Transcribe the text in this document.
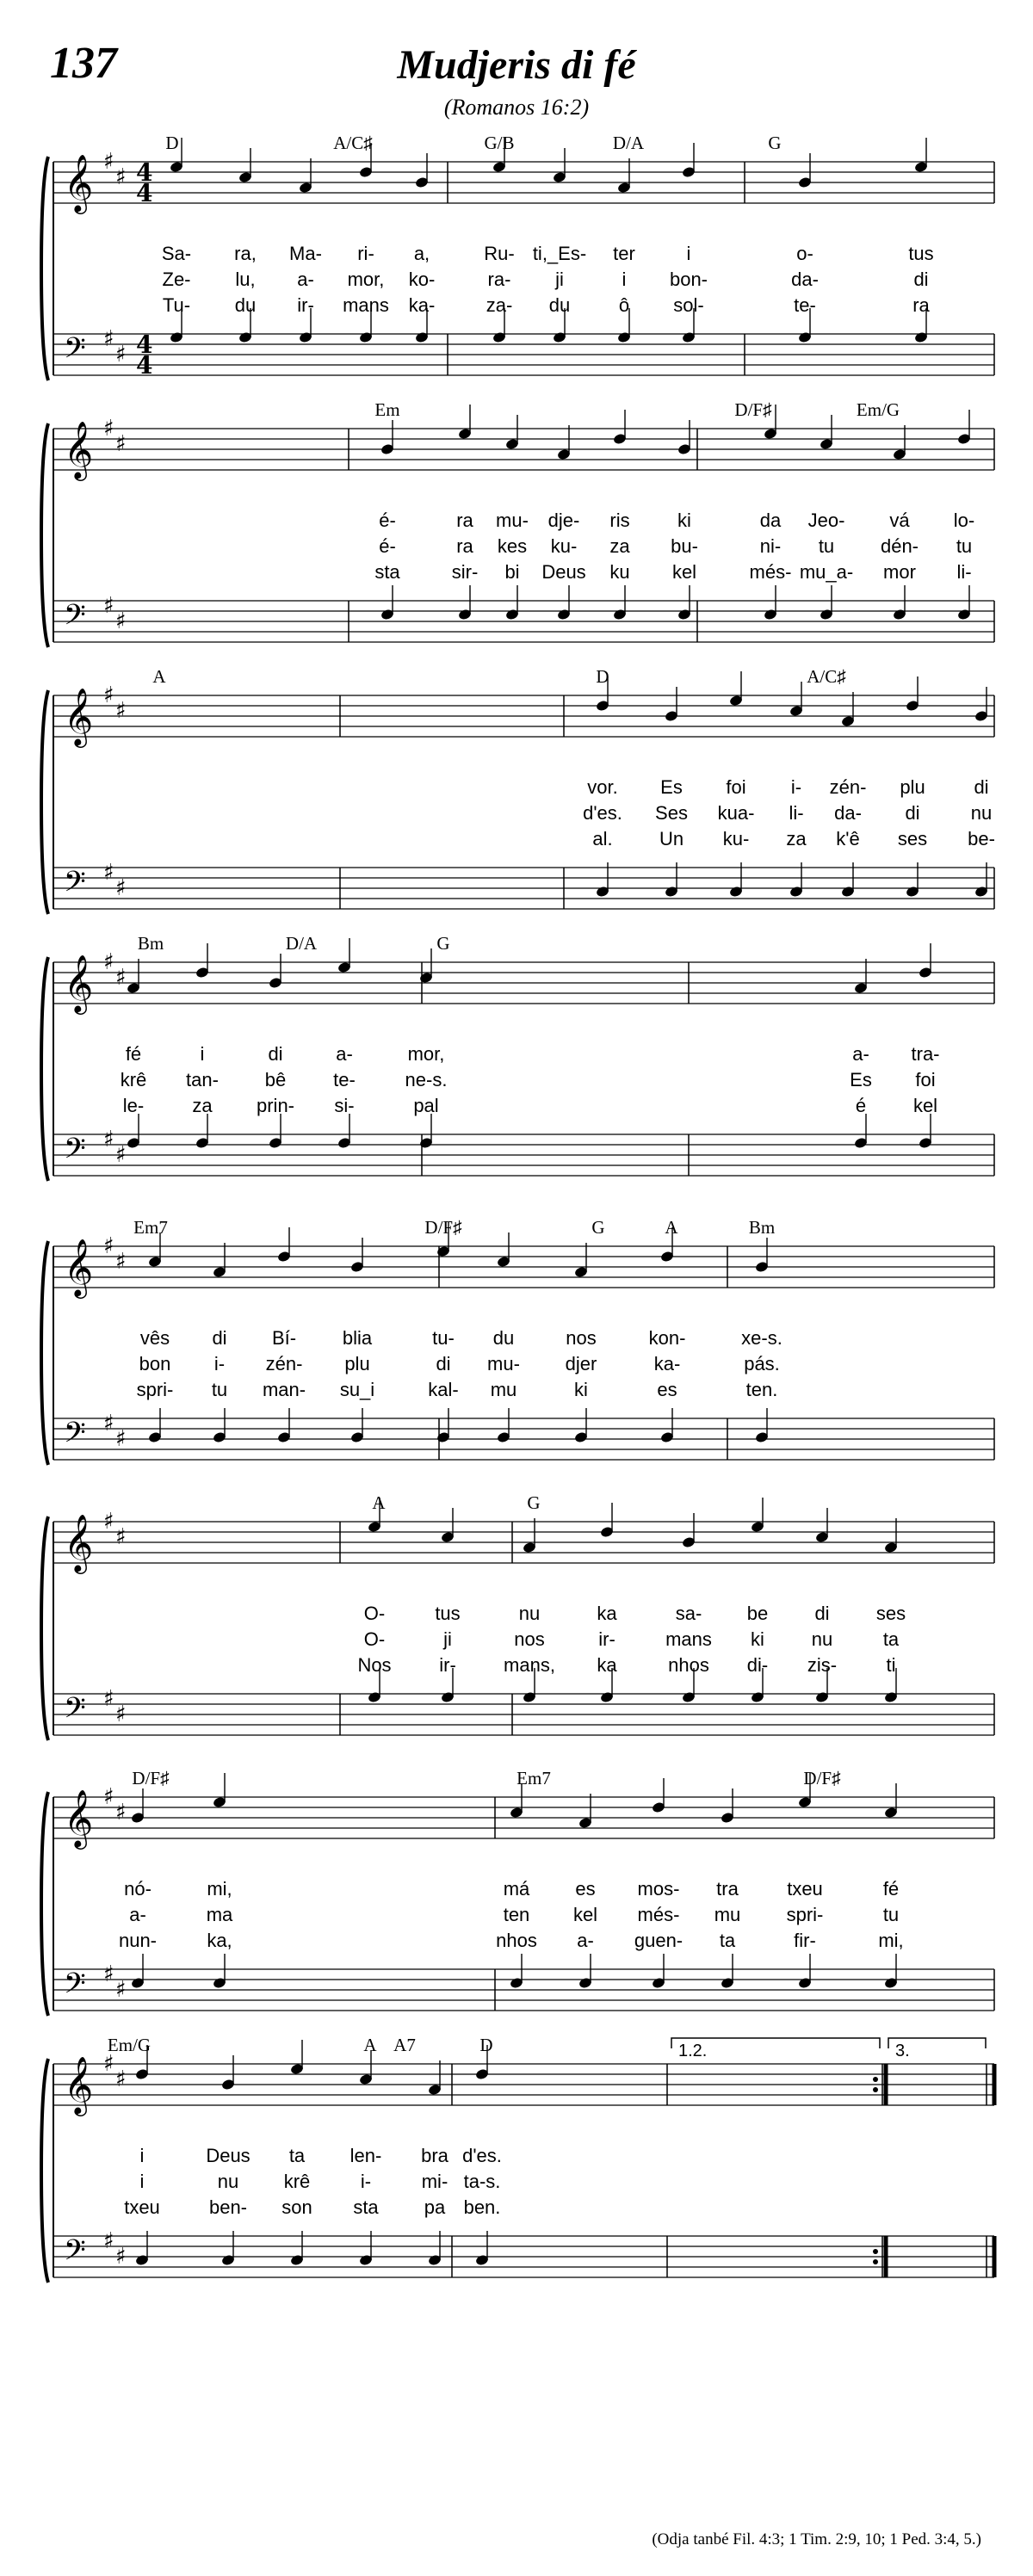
137	Mudjeris di fé
(Romanos 16:2)
𝄞 ♯
♯ 4
4
𝄢 ♯
♯ 4
4
D	A/C♯	G/B	D/A	G
Sa- ra, Ma- ri- a,	Ru- ti,_Es- ter	i	o-	tus
Ze- lu, a- mor, ko-	ra- ji	i bon-	da-	di
Tu- du ir- mans ka-	za- du	ô sol-	te-	ra
𝄞 ♯
♯
𝄢 ♯
♯
Em	D/F♯	Em/G
é-	ra mu- dje- ris	ki	da Jeo- vá lo-
é-	ra kes ku- za bu-	ni- tu dén- tu
sta	sir- bi Deus ku kel	més- mu_a- mor li-
𝄞 ♯
♯
𝄢 ♯
♯
A	D	A/C♯
vor. Es foi i- zén- plu	di
d'es. Ses kua- li- da- di	nu
al. Un ku- za k'ê ses be-
𝄞 ♯
♯
𝄢 ♯
♯
Bm	D/A	G
fé	i	di	a-	mor,	a- tra-
krê tan- bê te-	ne-s.	Es foi
le-	za prin- si-	pal	é kel
𝄞 ♯
♯
𝄢 ♯
♯
Em7	D/F♯	G	A	Bm
vês di Bí- blia	tu- du	nos	kon-	xe-s.
bon i- zén- plu	di mu- djer	ka-	pás.
spri- tu man- su_i	kal- mu	ki	es	ten.
𝄞 ♯
♯
𝄢 ♯
♯
A	G
O-	tus	nu	ka	sa- be di ses
O-	ji	nos	ir-	mans ki nu	ta
Nos	ir-	mans, ka	nhos di- zis-	ti
𝄞 ♯
♯
𝄢 ♯
♯
D/F♯	Em7	D/F♯
nó-	mi,	má es mos- tra	txeu	fé
a-	ma	ten kel més- mu spri-	tu
nun-	ka,	nhos a- guen- ta	fir-	mi,
𝄞 ♯
♯
𝄢 ♯
♯
1.2.	3.
Em/G	A A7	D
i	Deus ta len- bra d'es.
i	nu krê	i-	mi- ta-s.
txeu	ben- son sta pa ben.
(Odja tanbé Fil. 4:3; 1 Tim. 2:9, 10; 1 Ped. 3:4, 5.)
